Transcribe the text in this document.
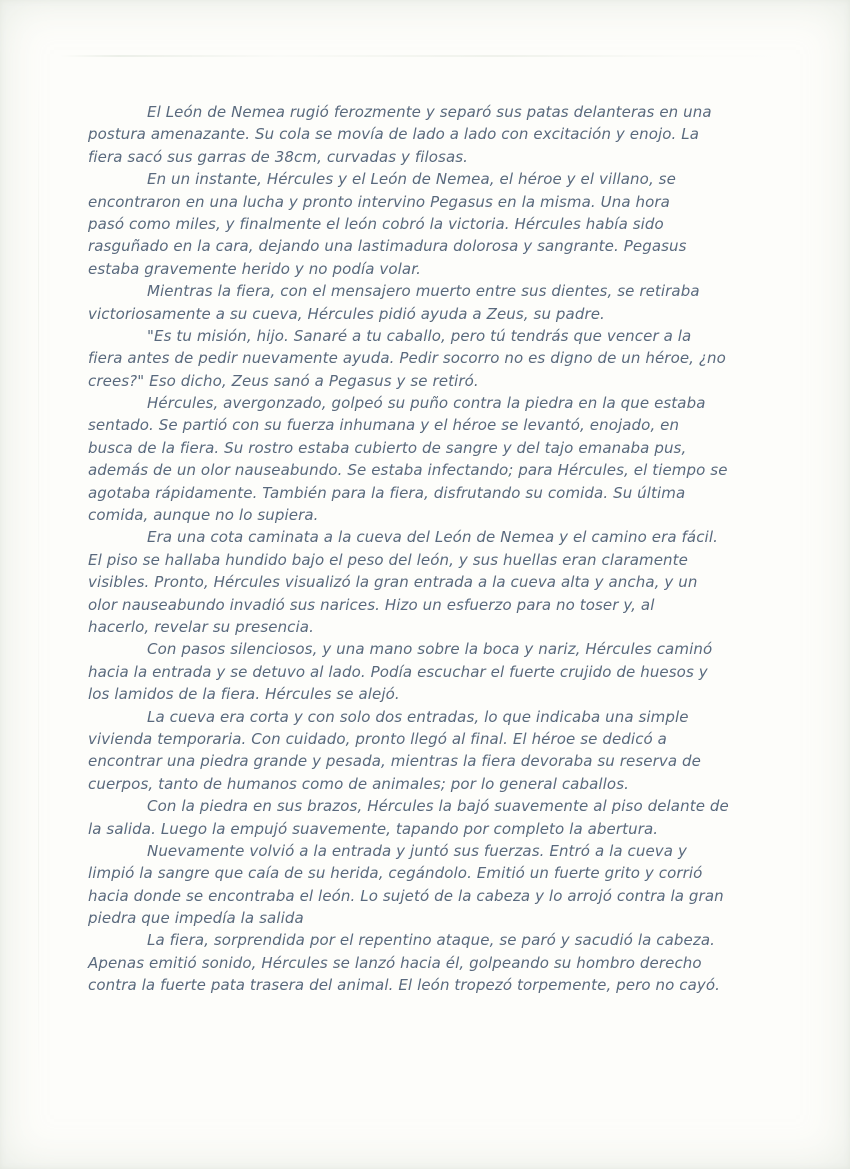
El León de Nemea rugió ferozmente y separó sus patas delanteras en una
postura amenazante. Su cola se movía de lado a lado con excitación y enojo. La
fiera sacó sus garras de 38cm, curvadas y filosas.
En un instante, Hércules y el León de Nemea, el héroe y el villano, se
encontraron en una lucha y pronto intervino Pegasus en la misma. Una hora
pasó como miles, y finalmente el león cobró la victoria. Hércules había sido
rasguñado en la cara, dejando una lastimadura dolorosa y sangrante. Pegasus
estaba gravemente herido y no podía volar.
Mientras la fiera, con el mensajero muerto entre sus dientes, se retiraba
victoriosamente a su cueva, Hércules pidió ayuda a Zeus, su padre.
"Es tu misión, hijo. Sanaré a tu caballo, pero tú tendrás que vencer a la
fiera antes de pedir nuevamente ayuda. Pedir socorro no es digno de un héroe, ¿no
crees?" Eso dicho, Zeus sanó a Pegasus y se retiró.
Hércules, avergonzado, golpeó su puño contra la piedra en la que estaba
sentado. Se partió con su fuerza inhumana y el héroe se levantó, enojado, en
busca de la fiera. Su rostro estaba cubierto de sangre y del tajo emanaba pus,
además de un olor nauseabundo. Se estaba infectando; para Hércules, el tiempo se
agotaba rápidamente. También para la fiera, disfrutando su comida. Su última
comida, aunque no lo supiera.
Era una cota caminata a la cueva del León de Nemea y el camino era fácil.
El piso se hallaba hundido bajo el peso del león, y sus huellas eran claramente
visibles. Pronto, Hércules visualizó la gran entrada a la cueva alta y ancha, y un
olor nauseabundo invadió sus narices. Hizo un esfuerzo para no toser y, al
hacerlo, revelar su presencia.
Con pasos silenciosos, y una mano sobre la boca y nariz, Hércules caminó
hacia la entrada y se detuvo al lado. Podía escuchar el fuerte crujido de huesos y
los lamidos de la fiera. Hércules se alejó.
La cueva era corta y con solo dos entradas, lo que indicaba una simple
vivienda temporaria. Con cuidado, pronto llegó al final. El héroe se dedicó a
encontrar una piedra grande y pesada, mientras la fiera devoraba su reserva de
cuerpos, tanto de humanos como de animales; por lo general caballos.
Con la piedra en sus brazos, Hércules la bajó suavemente al piso delante de
la salida. Luego la empujó suavemente, tapando por completo la abertura.
Nuevamente volvió a la entrada y juntó sus fuerzas. Entró a la cueva y
limpió la sangre que caía de su herida, cegándolo. Emitió un fuerte grito y corrió
hacia donde se encontraba el león. Lo sujetó de la cabeza y lo arrojó contra la gran
piedra que impedía la salida
La fiera, sorprendida por el repentino ataque, se paró y sacudió la cabeza.
Apenas emitió sonido, Hércules se lanzó hacia él, golpeando su hombro derecho
contra la fuerte pata trasera del animal. El león tropezó torpemente, pero no cayó.
